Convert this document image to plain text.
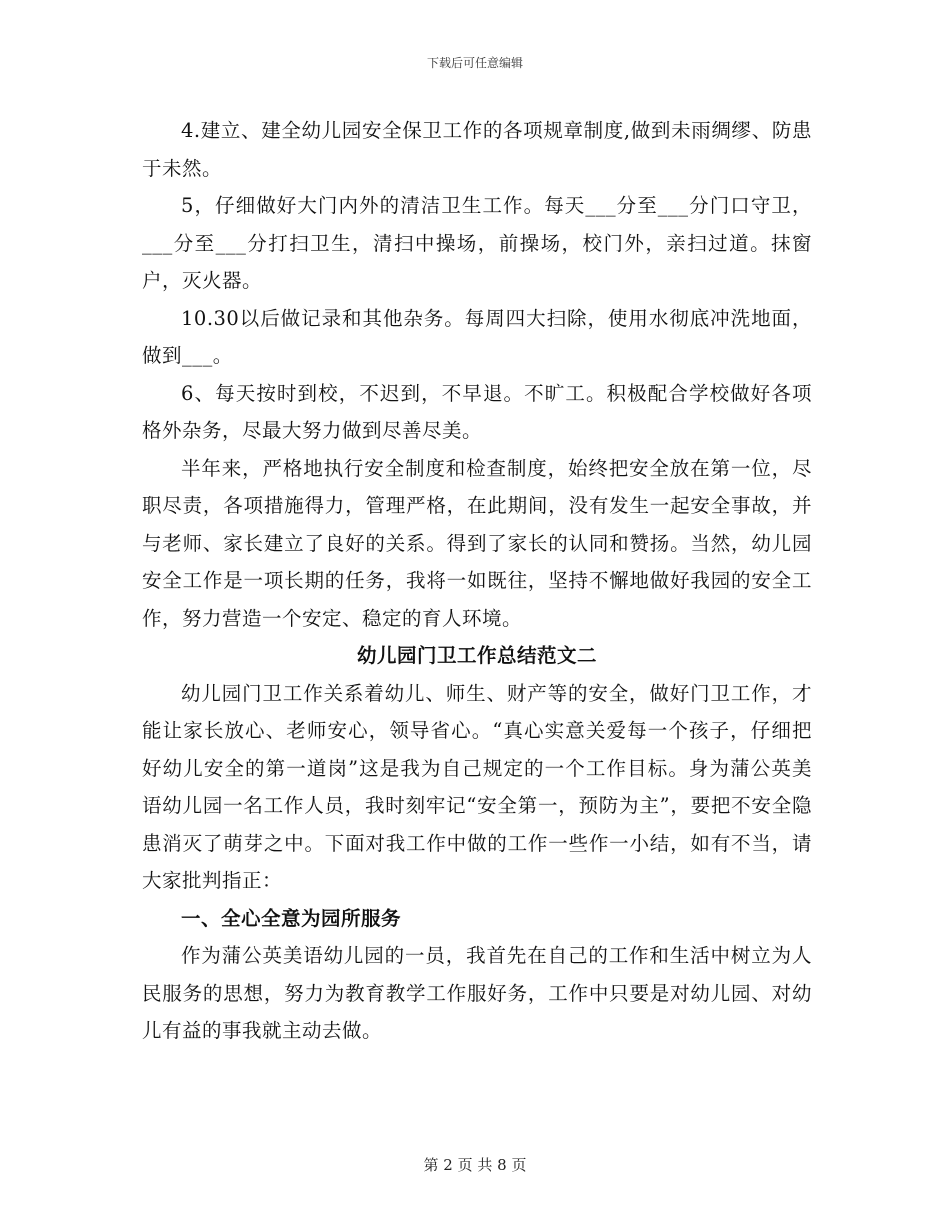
下载后可任意编辑

4.建立、建全幼儿园安全保卫工作的各项规章制度,做到未雨绸缪、防患于未然。

5，仔细做好大门内外的清洁卫生工作。每天___分至___分门口守卫，___分至___分打扫卫生，清扫中操场，前操场，校门外，亲扫过道。抹窗户，灭火器。

10.30以后做记录和其他杂务。每周四大扫除，使用水彻底冲洗地面，做到___。

6、每天按时到校，不迟到，不早退。不旷工。积极配合学校做好各项格外杂务，尽最大努力做到尽善尽美。

半年来，严格地执行安全制度和检查制度，始终把安全放在第一位，尽职尽责，各项措施得力，管理严格，在此期间，没有发生一起安全事故，并与老师、家长建立了良好的关系。得到了家长的认同和赞扬。当然，幼儿园安全工作是一项长期的任务，我将一如既往，坚持不懈地做好我园的安全工作，努力营造一个安定、稳定的育人环境。

幼儿园门卫工作总结范文二

幼儿园门卫工作关系着幼儿、师生、财产等的安全，做好门卫工作，才能让家长放心、老师安心，领导省心。“真心实意关爱每一个孩子，仔细把好幼儿安全的第一道岗”这是我为自己规定的一个工作目标。身为蒲公英美语幼儿园一名工作人员，我时刻牢记“安全第一，预防为主”，要把不安全隐患消灭了萌芽之中。下面对我工作中做的工作一些作一小结，如有不当，请大家批判指正：

一、全心全意为园所服务

作为蒲公英美语幼儿园的一员，我首先在自己的工作和生活中树立为人民服务的思想，努力为教育教学工作服好务，工作中只要是对幼儿园、对幼儿有益的事我就主动去做。

第 2 页 共 8 页
